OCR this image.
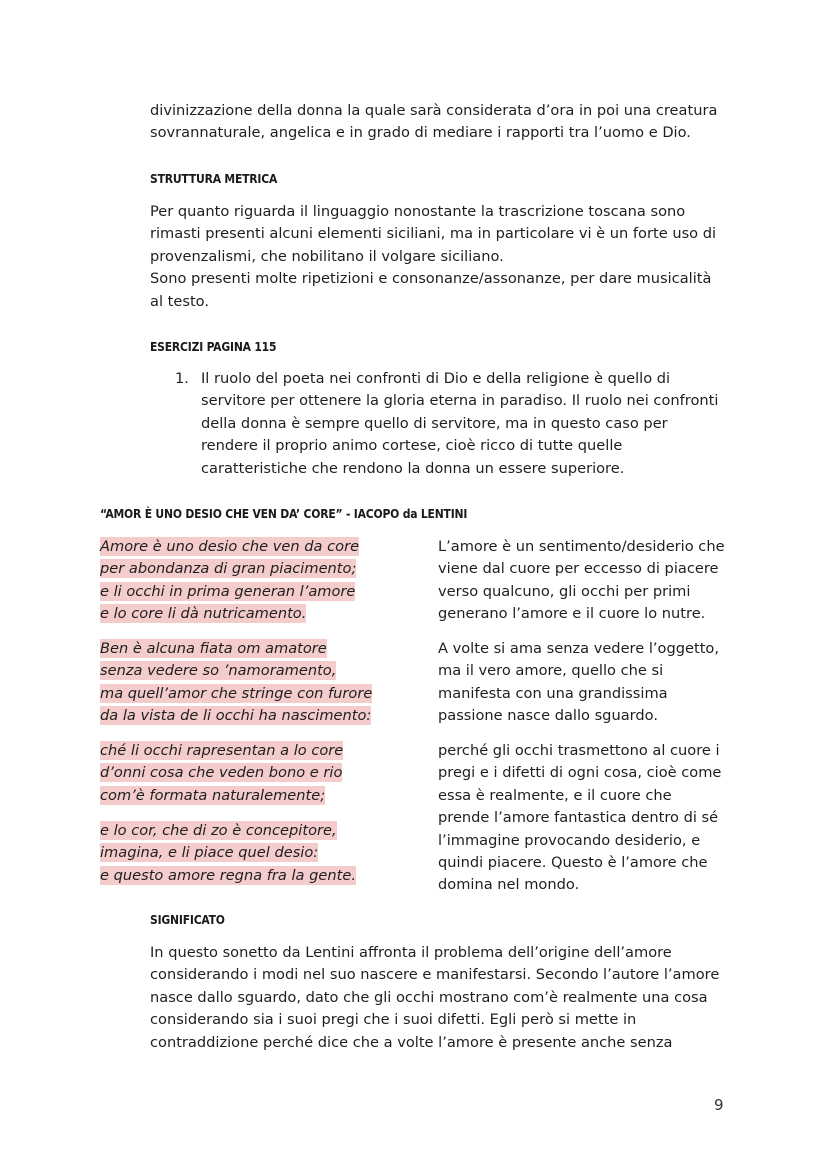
divinizzazione della donna la quale sarà considerata d’ora in poi una creatura
sovrannaturale, angelica e in grado di mediare i rapporti tra l’uomo e Dio.

STRUTTURA METRICA

Per quanto riguarda il linguaggio nonostante la trascrizione toscana sono
rimasti presenti alcuni elementi siciliani, ma in particolare vi è un forte uso di
provenzalismi, che nobilitano il volgare siciliano.
Sono presenti molte ripetizioni e consonanze/assonanze, per dare musicalità
al testo.

ESERCIZI PAGINA 115
1. Il ruolo del poeta nei confronti di Dio e della religione è quello di
servitore per ottenere la gloria eterna in paradiso. Il ruolo nei confronti
della donna è sempre quello di servitore, ma in questo caso per
rendere il proprio animo cortese, cioè ricco di tutte quelle
caratteristiche che rendono la donna un essere superiore.
“AMOR È UNO DESIO CHE VEN DA’ CORE” - IACOPO da LENTINI
Amore è uno desio che ven da core
per abondanza di gran piacimento;
e li occhi in prima generan l’amore
e lo core li dà nutricamento.
Ben è alcuna fiata om amatore
senza vedere so ’namoramento,
ma quell’amor che stringe con furore
da la vista de li occhi ha nascimento:
ché li occhi rapresentan a lo core
d’onni cosa che veden bono e rio
com’è formata naturalemente;
e lo cor, che di zo è concepitore,
imagina, e li piace quel desio:
e questo amore regna fra la gente.
L’amore è un sentimento/desiderio che
viene dal cuore per eccesso di piacere
verso qualcuno, gli occhi per primi
generano l’amore e il cuore lo nutre.
A volte si ama senza vedere l’oggetto,
ma il vero amore, quello che si
manifesta con una grandissima
passione nasce dallo sguardo.
perché gli occhi trasmettono al cuore i
pregi e i difetti di ogni cosa, cioè come
essa è realmente, e il cuore che
prende l’amore fantastica dentro di sé
l’immagine provocando desiderio, e
quindi piacere. Questo è l’amore che
domina nel mondo.
SIGNIFICATO

In questo sonetto da Lentini affronta il problema dell’origine dell’amore
considerando i modi nel suo nascere e manifestarsi. Secondo l’autore l’amore
nasce dallo sguardo, dato che gli occhi mostrano com’è realmente una cosa
considerando sia i suoi pregi che i suoi difetti. Egli però si mette in
contraddizione perché dice che a volte l’amore è presente anche senza

9
